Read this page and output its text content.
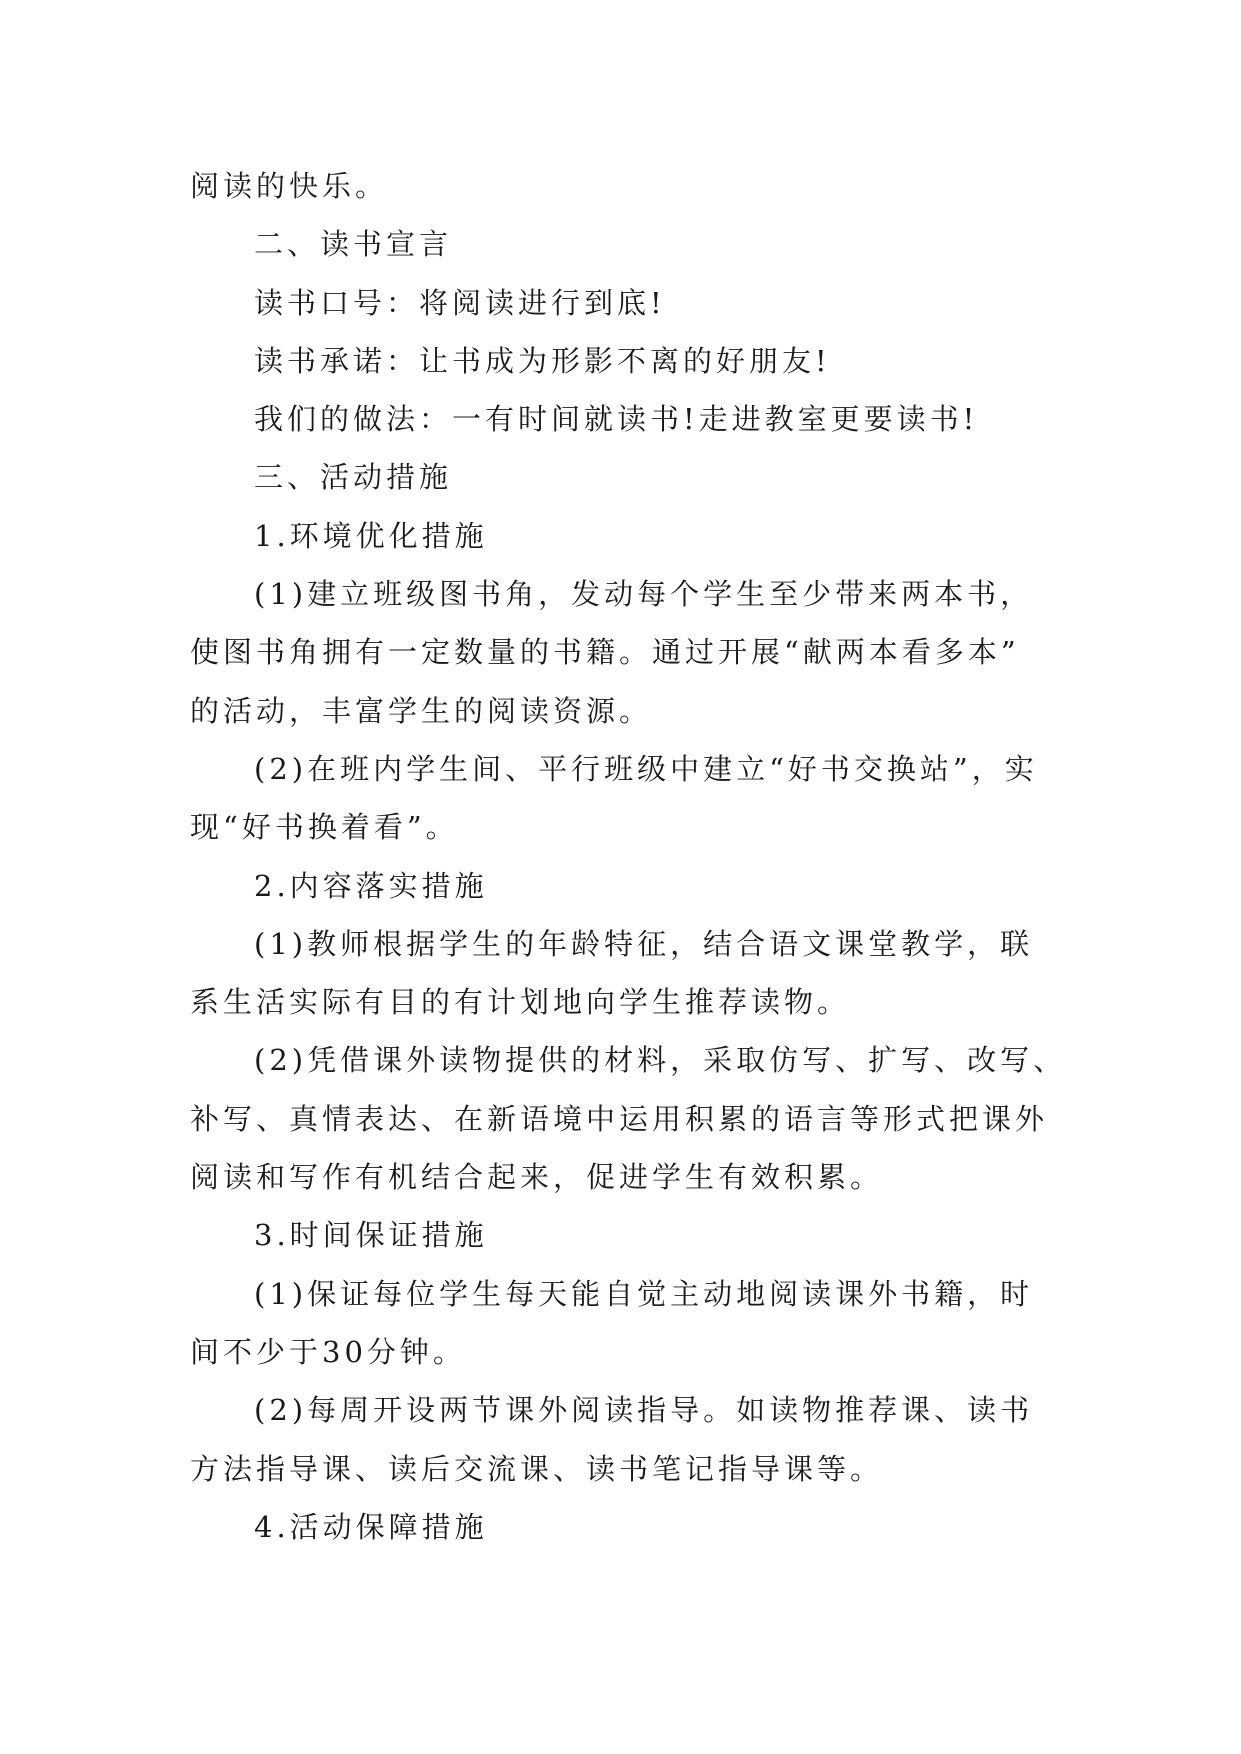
阅读的快乐。
二、读书宣言
读书口号：将阅读进行到底!
读书承诺：让书成为形影不离的好朋友!
我们的做法：一有时间就读书!走进教室更要读书!
三、活动措施
1.环境优化措施
(1)建立班级图书角，发动每个学生至少带来两本书，
使图书角拥有一定数量的书籍。通过开展“献两本看多本”
的活动，丰富学生的阅读资源。
(2)在班内学生间、平行班级中建立“好书交换站”，实
现“好书换着看”。
2.内容落实措施
(1)教师根据学生的年龄特征，结合语文课堂教学，联
系生活实际有目的有计划地向学生推荐读物。
(2)凭借课外读物提供的材料，采取仿写、扩写、改写、
补写、真情表达、在新语境中运用积累的语言等形式把课外
阅读和写作有机结合起来，促进学生有效积累。
3.时间保证措施
(1)保证每位学生每天能自觉主动地阅读课外书籍，时
间不少于30分钟。
(2)每周开设两节课外阅读指导。如读物推荐课、读书
方法指导课、读后交流课、读书笔记指导课等。
4.活动保障措施
